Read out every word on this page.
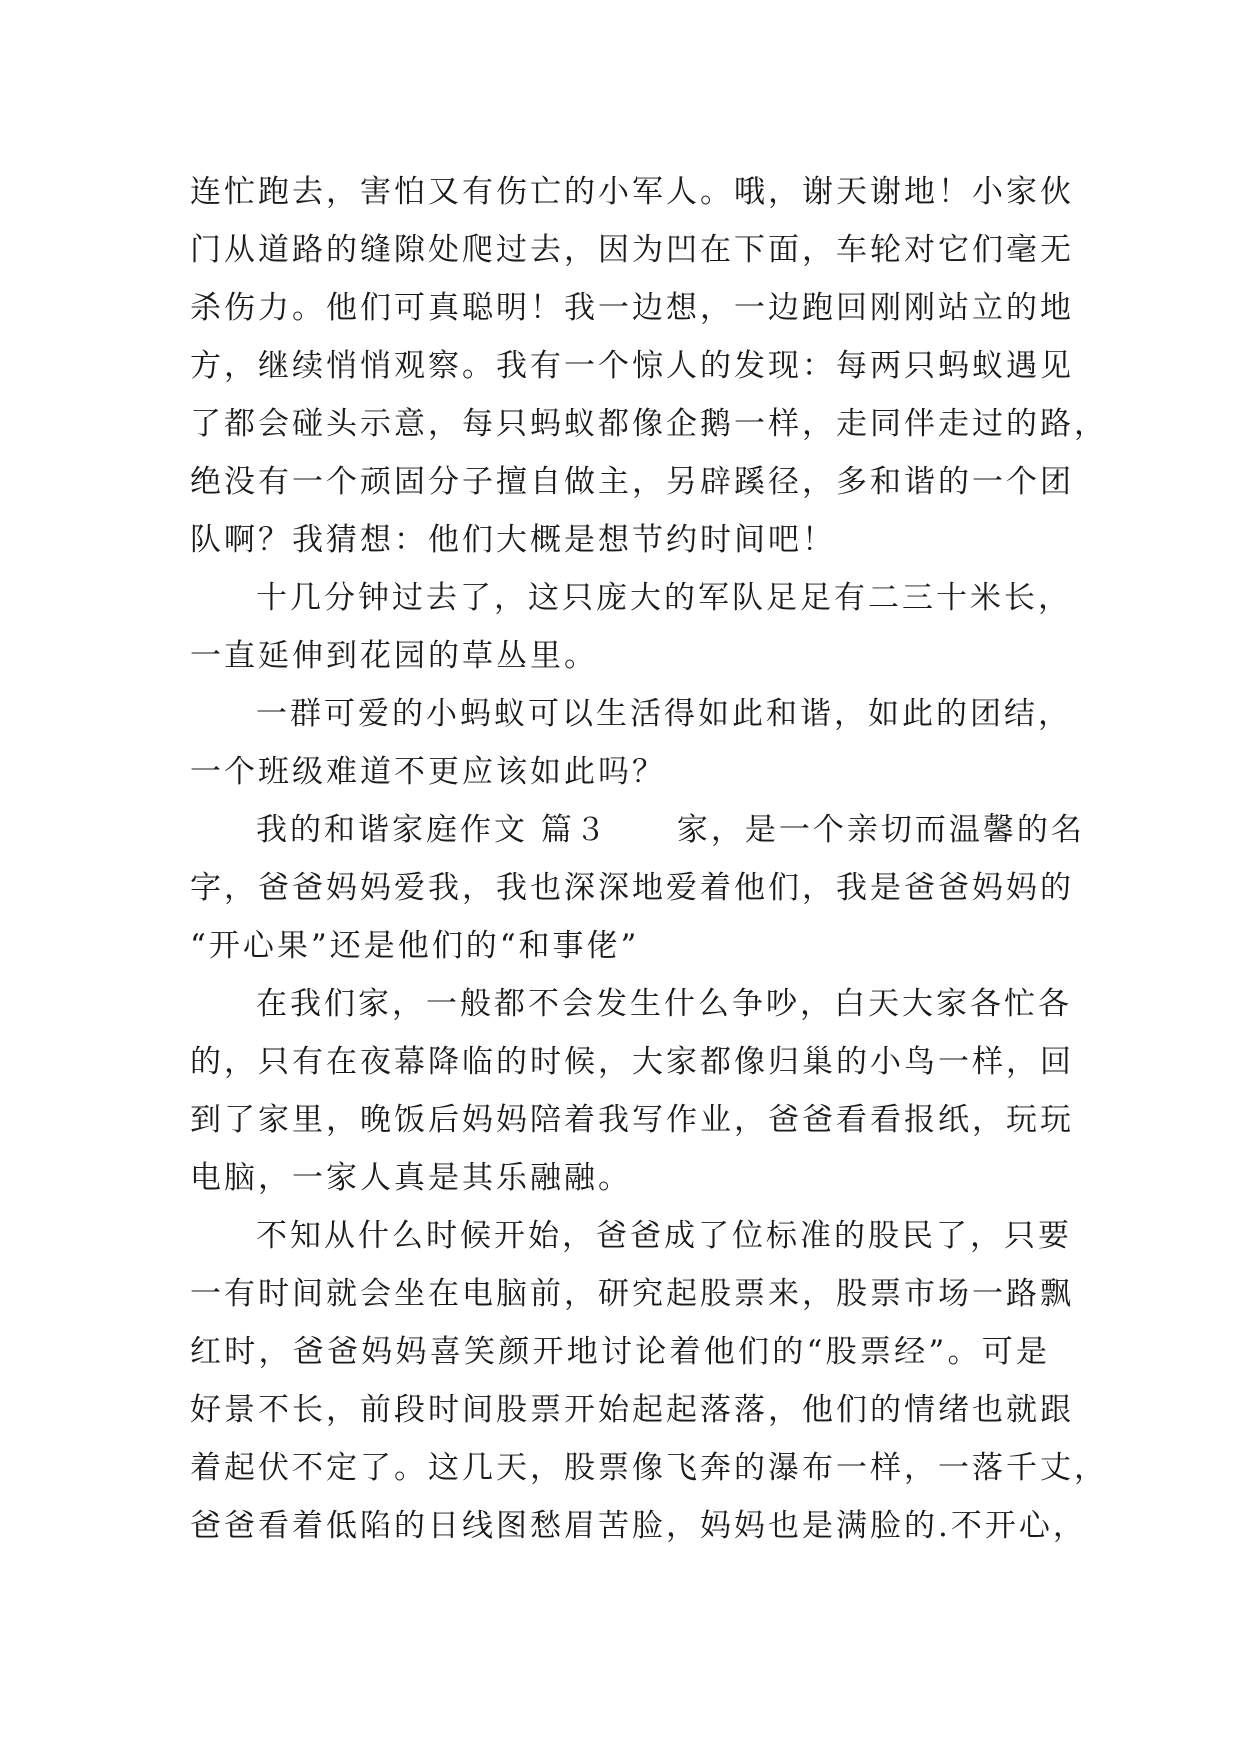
连忙跑去，害怕又有伤亡的小军人。哦，谢天谢地！小家伙
门从道路的缝隙处爬过去，因为凹在下面，车轮对它们毫无
杀伤力。他们可真聪明！我一边想，一边跑回刚刚站立的地
方，继续悄悄观察。我有一个惊人的发现：每两只蚂蚁遇见
了都会碰头示意，每只蚂蚁都像企鹅一样，走同伴走过的路，
绝没有一个顽固分子擅自做主，另辟蹊径，多和谐的一个团
队啊？我猜想：他们大概是想节约时间吧！
十几分钟过去了，这只庞大的军队足足有二三十米长，
一直延伸到花园的草丛里。
一群可爱的小蚂蚁可以生活得如此和谐，如此的团结，
一个班级难道不更应该如此吗？
我的和谐家庭作文 篇３　　家，是一个亲切而温馨的名
字，爸爸妈妈爱我，我也深深地爱着他们，我是爸爸妈妈的
“开心果”还是他们的“和事佬”
在我们家，一般都不会发生什么争吵，白天大家各忙各
的，只有在夜幕降临的时候，大家都像归巢的小鸟一样，回
到了家里，晚饭后妈妈陪着我写作业，爸爸看看报纸，玩玩
电脑，一家人真是其乐融融。
不知从什么时候开始，爸爸成了位标准的股民了，只要
一有时间就会坐在电脑前，研究起股票来，股票市场一路飘
红时，爸爸妈妈喜笑颜开地讨论着他们的“股票经”。可是
好景不长，前段时间股票开始起起落落，他们的情绪也就跟
着起伏不定了。这几天，股票像飞奔的瀑布一样，一落千丈，
爸爸看着低陷的日线图愁眉苦脸，妈妈也是满脸的.不开心，
